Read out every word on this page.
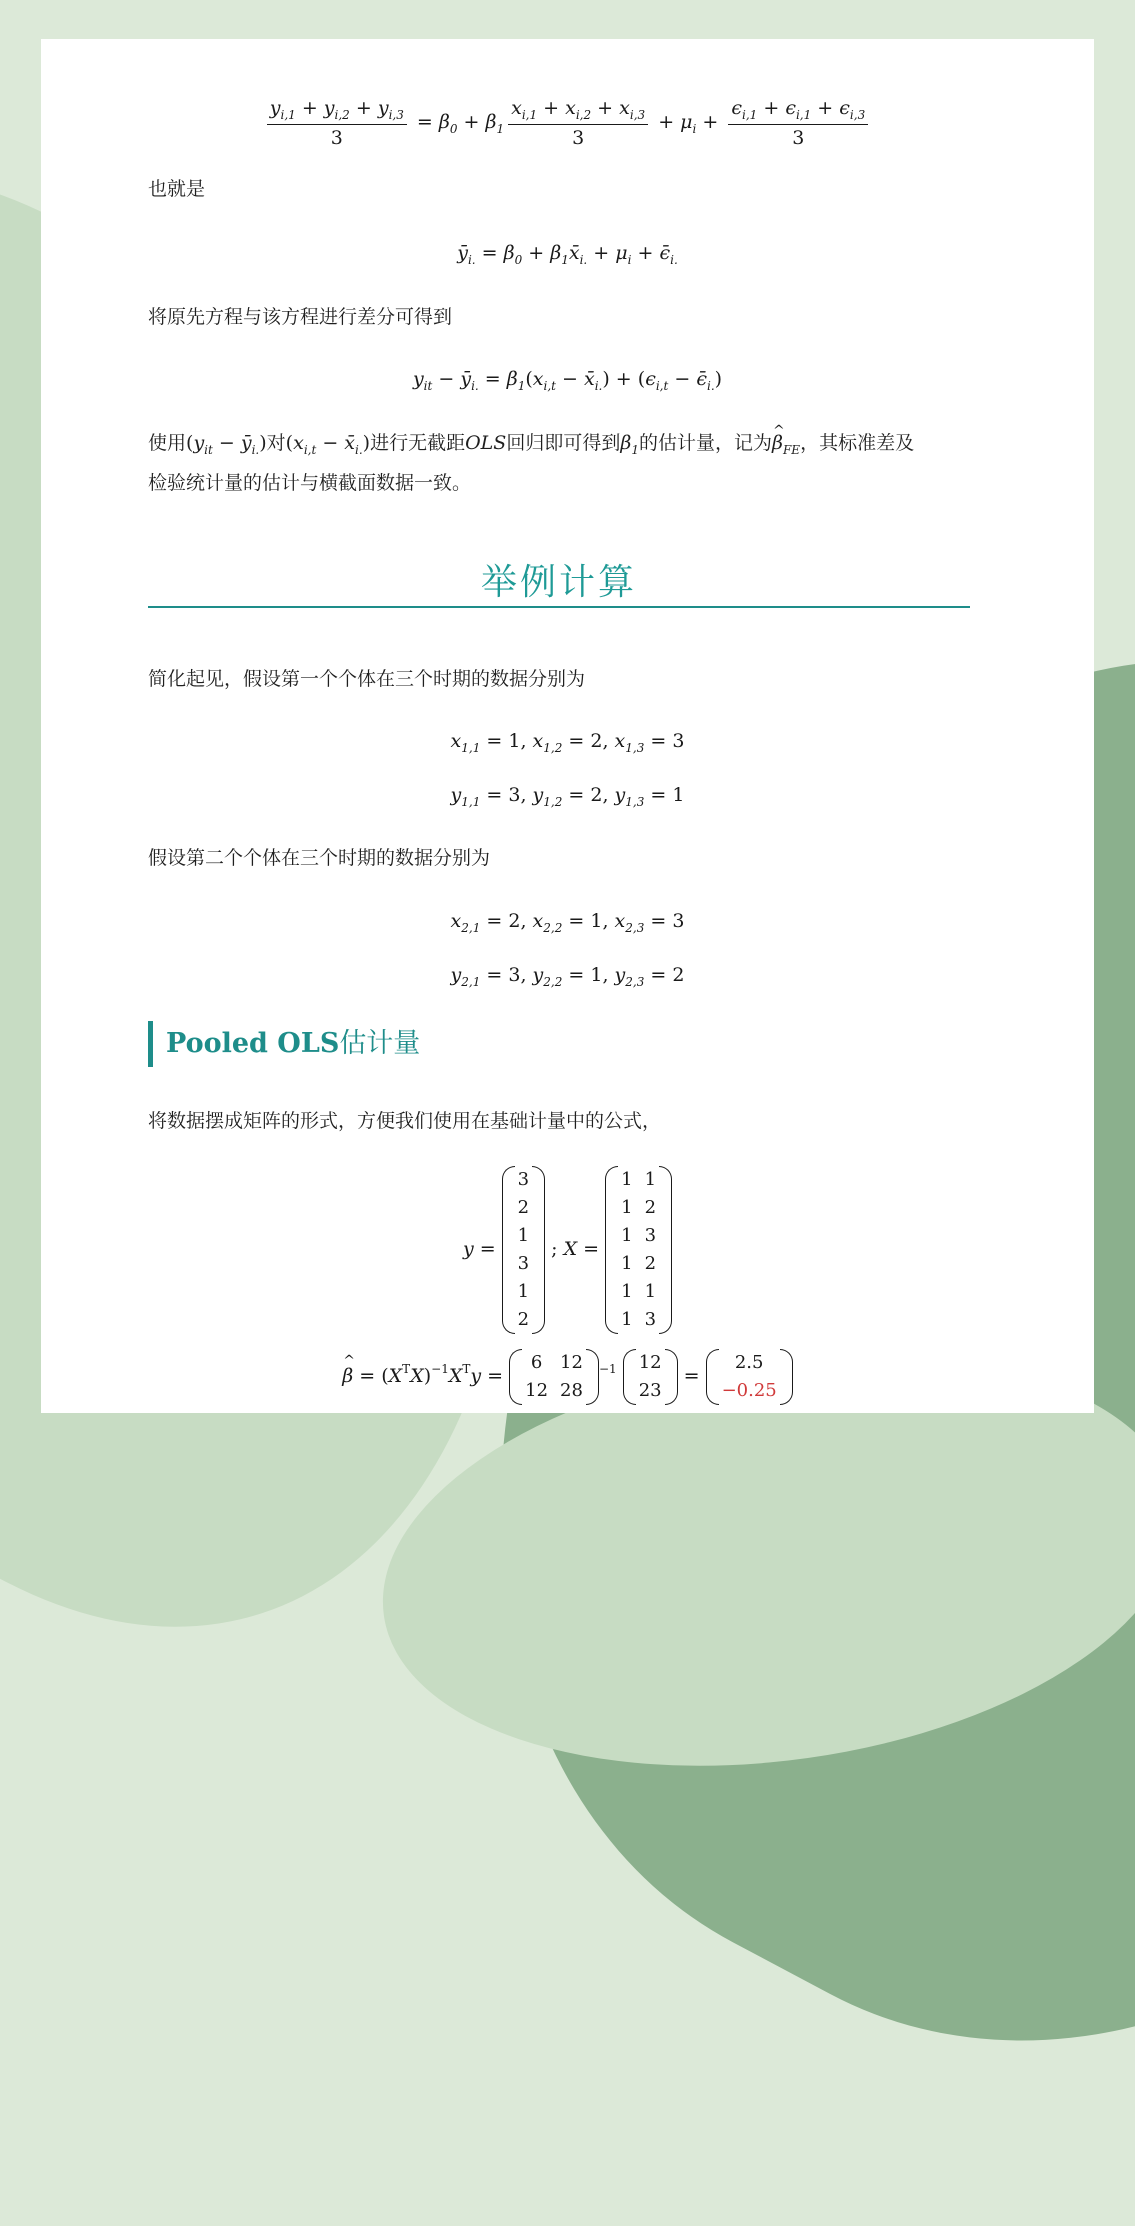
$\frac{y_{i,1} + y_{i,2} + y_{i,3}}{3} = \beta_0 + \beta_1 \frac{x_{i,1} + x_{i,2} + x_{i,3}}{3} + \mu_i + \frac{\epsilon_{i,1} + \epsilon_{i,1} + \epsilon_{i,3}}{3}$
也就是
$ȳ_{i.} = \beta_0$ + $\beta_1x̄_{i.} + \mu_i$ + $\epsilon̄_{i.}$
将原先方程与该方程进行差分可得到
$y_{it}$ − $ȳ_{i.} = \beta_1(x_{i,t}$ − $x̄_{i.}) + (\epsilon_{i,t}$ − $\epsilon̄_{i.}$)
使用($y_{it}$ − $ȳ_{i.}$)对($x_{i,t}$ − $x̄_{i.}$)进行无截距OLS回归即可得到$\beta_1$的估计量，记为^ $\beta_{FE}$，其标准差及
检验统计量的估计与横截面数据一致。
举例计算
简化起见，假设第一个个体在三个时期的数据分别为
$x_{1,1} = 1$, $x_{1,2} = 2$, $x_{1,3} = 3$
$y_{1,1} = 3$, $y_{1,2} = 2$, $y_{1,3} = 1$
假设第二个个体在三个时期的数据分别为
$x_{2,1} = 2$, $x_{2,2} = 1$, $x_{2,3} = 3$
$y_{2,1} = 3$, $y_{2,2} = 1$, $y_{2,3} = 2$
Pooled OLS估计量
将数据摆成矩阵的形式，方便我们使用在基础计量中的公式，
y =
3
2
1
3
1
2
; X =
1	1
1	2
1	3
1	2
1	1
1	3
^ $\beta = (X^TX)^{-1}X^Ty$ =
6	12
12	28
$^{-1}$ 12
23
=
2.5
−0.25
